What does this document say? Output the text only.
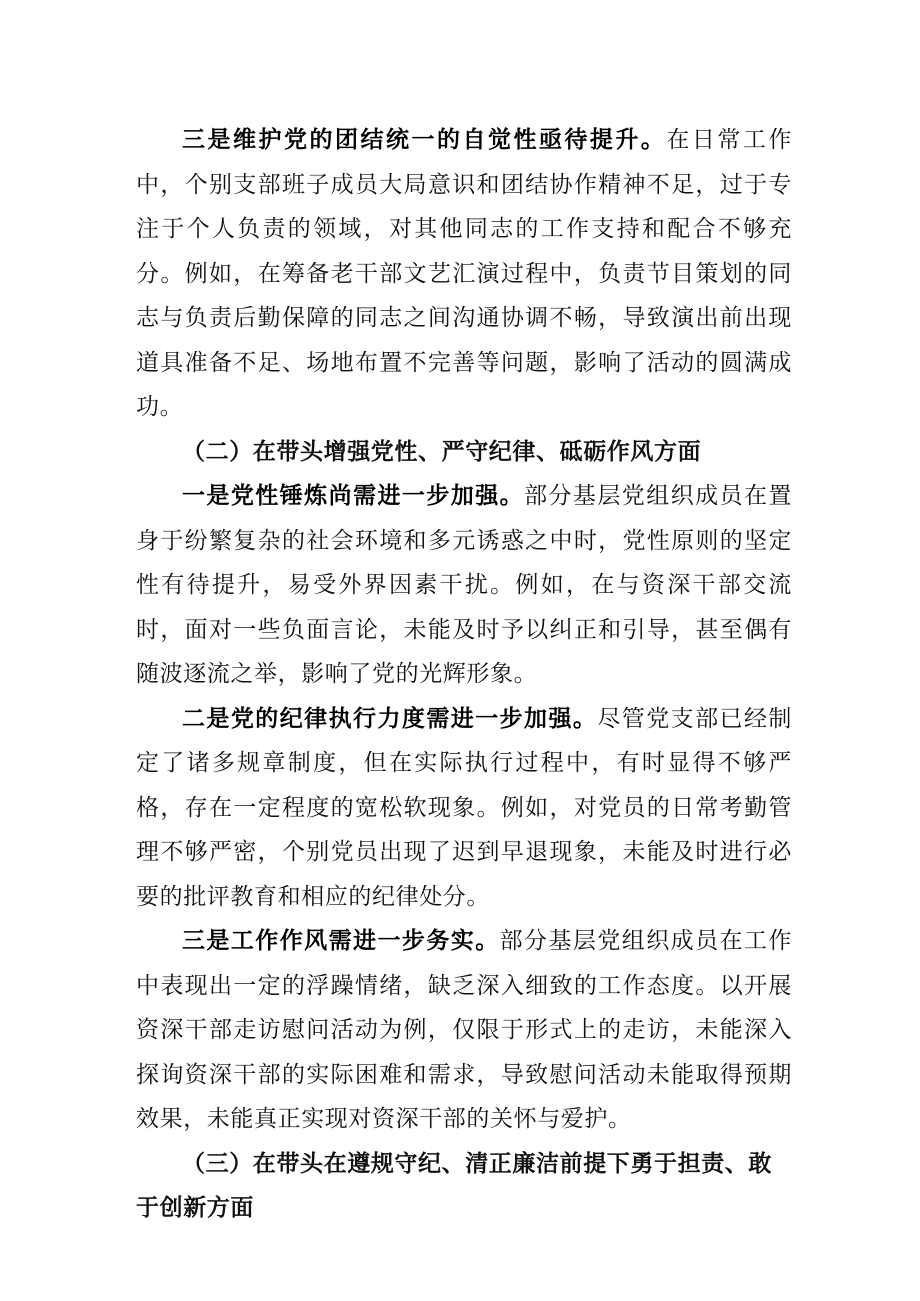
三是维护党的团结统一的自觉性亟待提升。在日常工作中，个别支部班子成员大局意识和团结协作精神不足，过于专注于个人负责的领域，对其他同志的工作支持和配合不够充分。例如，在筹备老干部文艺汇演过程中，负责节目策划的同志与负责后勤保障的同志之间沟通协调不畅，导致演出前出现道具准备不足、场地布置不完善等问题，影响了活动的圆满成功。

（二）在带头增强党性、严守纪律、砥砺作风方面

一是党性锤炼尚需进一步加强。部分基层党组织成员在置身于纷繁复杂的社会环境和多元诱惑之中时，党性原则的坚定性有待提升，易受外界因素干扰。例如，在与资深干部交流时，面对一些负面言论，未能及时予以纠正和引导，甚至偶有随波逐流之举，影响了党的光辉形象。

二是党的纪律执行力度需进一步加强。尽管党支部已经制定了诸多规章制度，但在实际执行过程中，有时显得不够严格，存在一定程度的宽松软现象。例如，对党员的日常考勤管理不够严密，个别党员出现了迟到早退现象，未能及时进行必要的批评教育和相应的纪律处分。

三是工作作风需进一步务实。部分基层党组织成员在工作中表现出一定的浮躁情绪，缺乏深入细致的工作态度。以开展资深干部走访慰问活动为例，仅限于形式上的走访，未能深入探询资深干部的实际困难和需求，导致慰问活动未能取得预期效果，未能真正实现对资深干部的关怀与爱护。

（三）在带头在遵规守纪、清正廉洁前提下勇于担责、敢于创新方面
